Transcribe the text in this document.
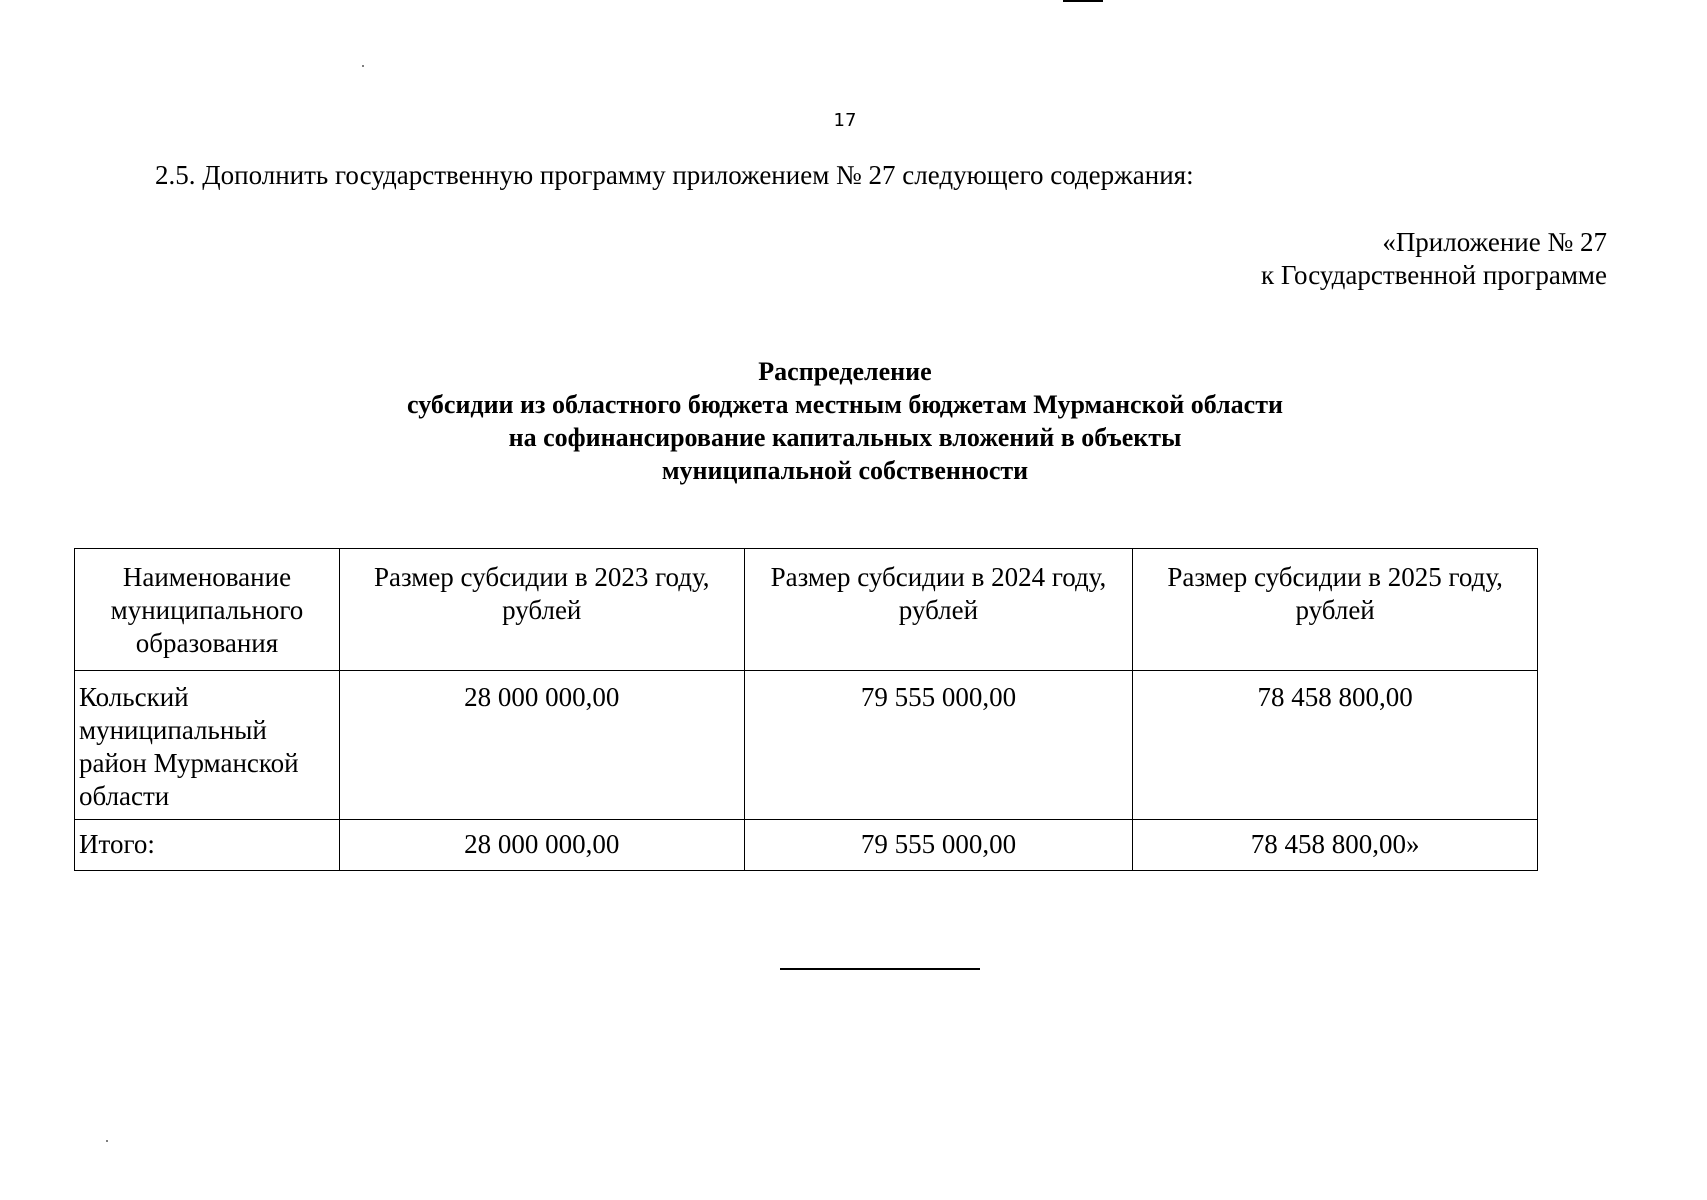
17
2.5. Дополнить государственную программу приложением № 27 следующего содержания:
«Приложение № 27
к Государственной программе
Распределение
субсидии из областного бюджета местным бюджетам Мурманской области
на софинансирование капитальных вложений в объекты
муниципальной собственности
Наименование муниципального образования	Размер субсидии в 2023 году, рублей	Размер субсидии в 2024 году, рублей	Размер субсидии в 2025 году, рублей
Кольский муниципальный район Мурманской области	28 000 000,00	79 555 000,00	78 458 800,00
Итого:	28 000 000,00	79 555 000,00	78 458 800,00»
